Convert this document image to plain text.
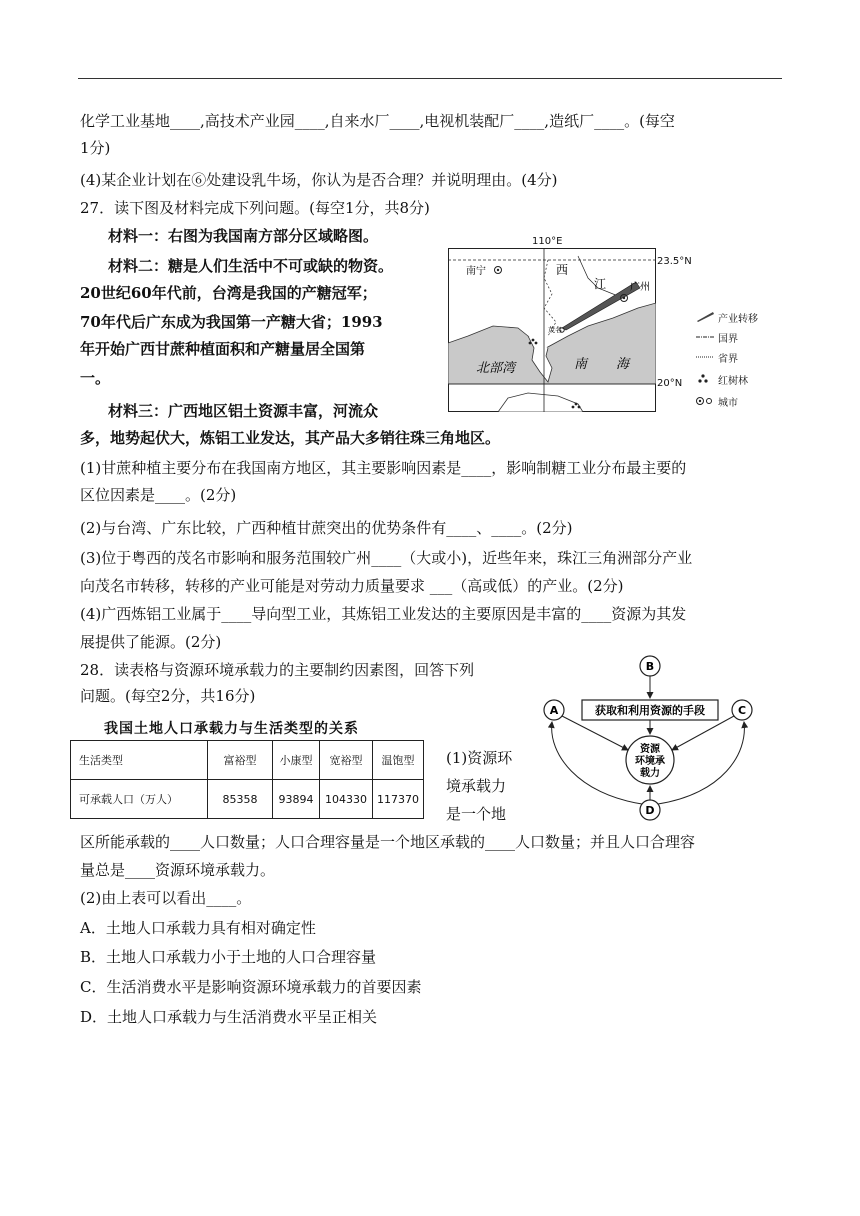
化学工业基地____,高技术产业园____,自来水厂____,电视机装配厂____,造纸厂____。(每空
1分)
(4)某企业计划在⑥处建设乳牛场，你认为是否合理？并说明理由。(4分)
27．读下图及材料完成下列问题。(每空1分，共8分)
材料一：右图为我国南方部分区域略图。
材料二：糖是人们生活中不可或缺的物资。
20世纪60年代前，台湾是我国的产糖冠军；
70年代后广东成为我国第一产糖大省；1993
年开始广西甘蔗种植面积和产糖量居全国第
一。
材料三：广西地区铝土资源丰富，河流众
多，地势起伏大，炼铝工业发达，其产品大多销往珠三角地区。
南宁
广州
茂名
西
江
北部湾	南 海
23.5°N
20°N
110°E
产业转移
国界
省界
红树林
城市
(1)甘蔗种植主要分布在我国南方地区，其主要影响因素是____，影响制糖工业分布最主要的
区位因素是____。(2分)
(2)与台湾、广东比较，广西种植甘蔗突出的优势条件有____、____。(2分)
(3)位于粤西的茂名市影响和服务范围较广州____（大或小)，近些年来，珠江三角洲部分产业
向茂名市转移，转移的产业可能是对劳动力质量要求 ___（高或低）的产业。(2分)
(4)广西炼铝工业属于____导向型工业，其炼铝工业发达的主要原因是丰富的____资源为其发
展提供了能源。(2分)
28．读表格与资源环境承载力的主要制约因素图，回答下列
问题。(每空2分，共16分)
我国土地人口承载力与生活类型的关系
生活类型	富裕型	小康型	宽裕型	温饱型
可承载人口（万人）	85358	93894	104330	117370
(1)资源环
境承载力
是一个地
B
获取和利用资源的手段
资源
环境承
载力
A	C
D
区所能承载的____人口数量；人口合理容量是一个地区承载的____人口数量；并且人口合理容
量总是____资源环境承载力。
(2)由上表可以看出____。
A．土地人口承载力具有相对确定性
B．土地人口承载力小于土地的人口合理容量
C．生活消费水平是影响资源环境承载力的首要因素
D．土地人口承载力与生活消费水平呈正相关
